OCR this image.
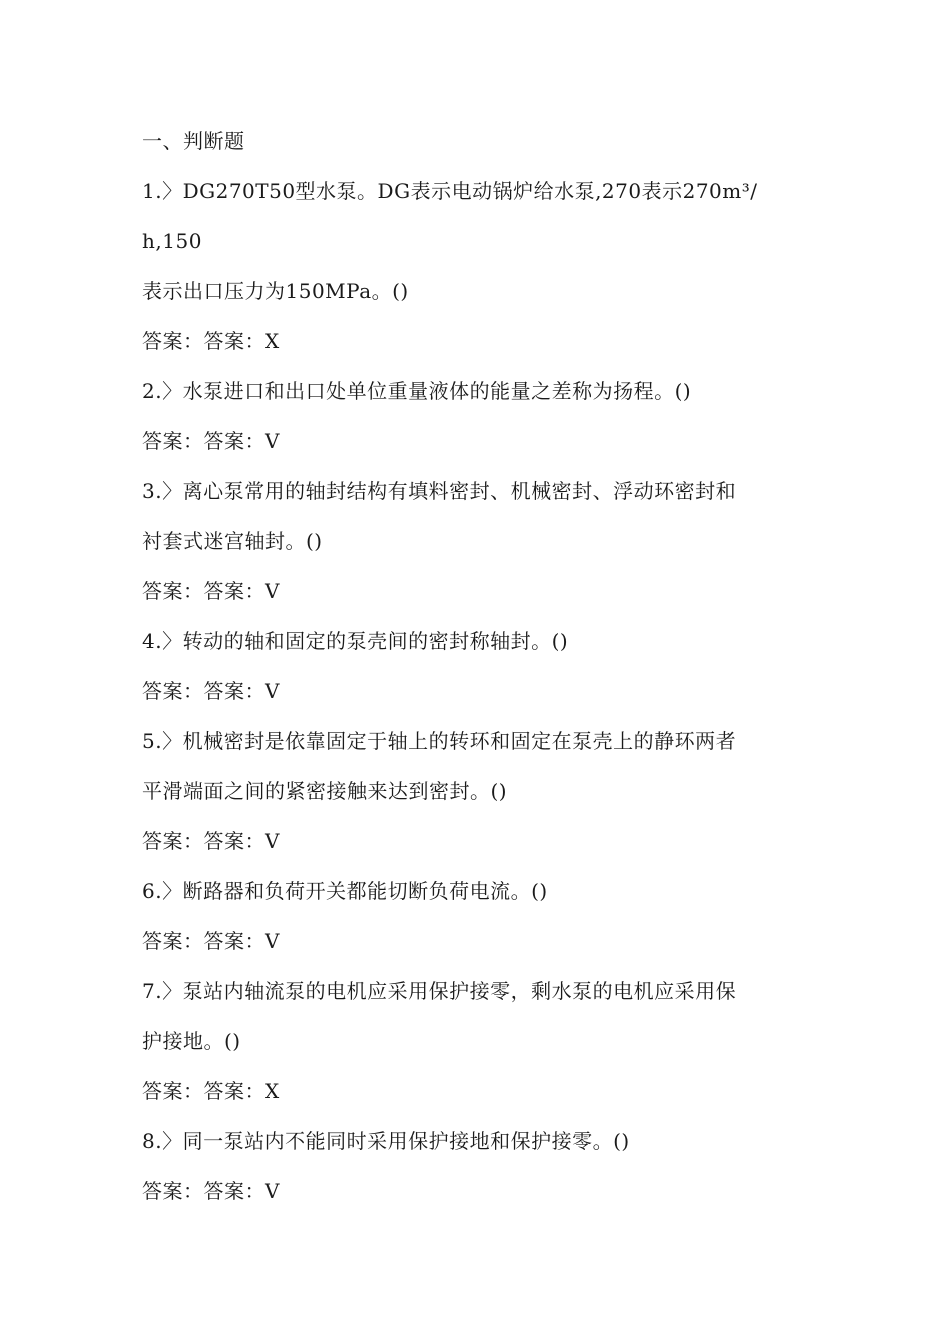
一、判断题
1.〉DG270T50型水泵。DG表示电动锅炉给水泵,270表示270m³/
h,150
表示出口压力为150MPa。()
答案：答案：X
2.〉水泵进口和出口处单位重量液体的能量之差称为扬程。()
答案：答案：V
3.〉离心泵常用的轴封结构有填料密封、机械密封、浮动环密封和
衬套式迷宫轴封。()
答案：答案：V
4.〉转动的轴和固定的泵壳间的密封称轴封。()
答案：答案：V
5.〉机械密封是依靠固定于轴上的转环和固定在泵壳上的静环两者
平滑端面之间的紧密接触来达到密封。()
答案：答案：V
6.〉断路器和负荷开关都能切断负荷电流。()
答案：答案：V
7.〉泵站内轴流泵的电机应采用保护接零，剩水泵的电机应采用保
护接地。()
答案：答案：X
8.〉同一泵站内不能同时采用保护接地和保护接零。()
答案：答案：V
